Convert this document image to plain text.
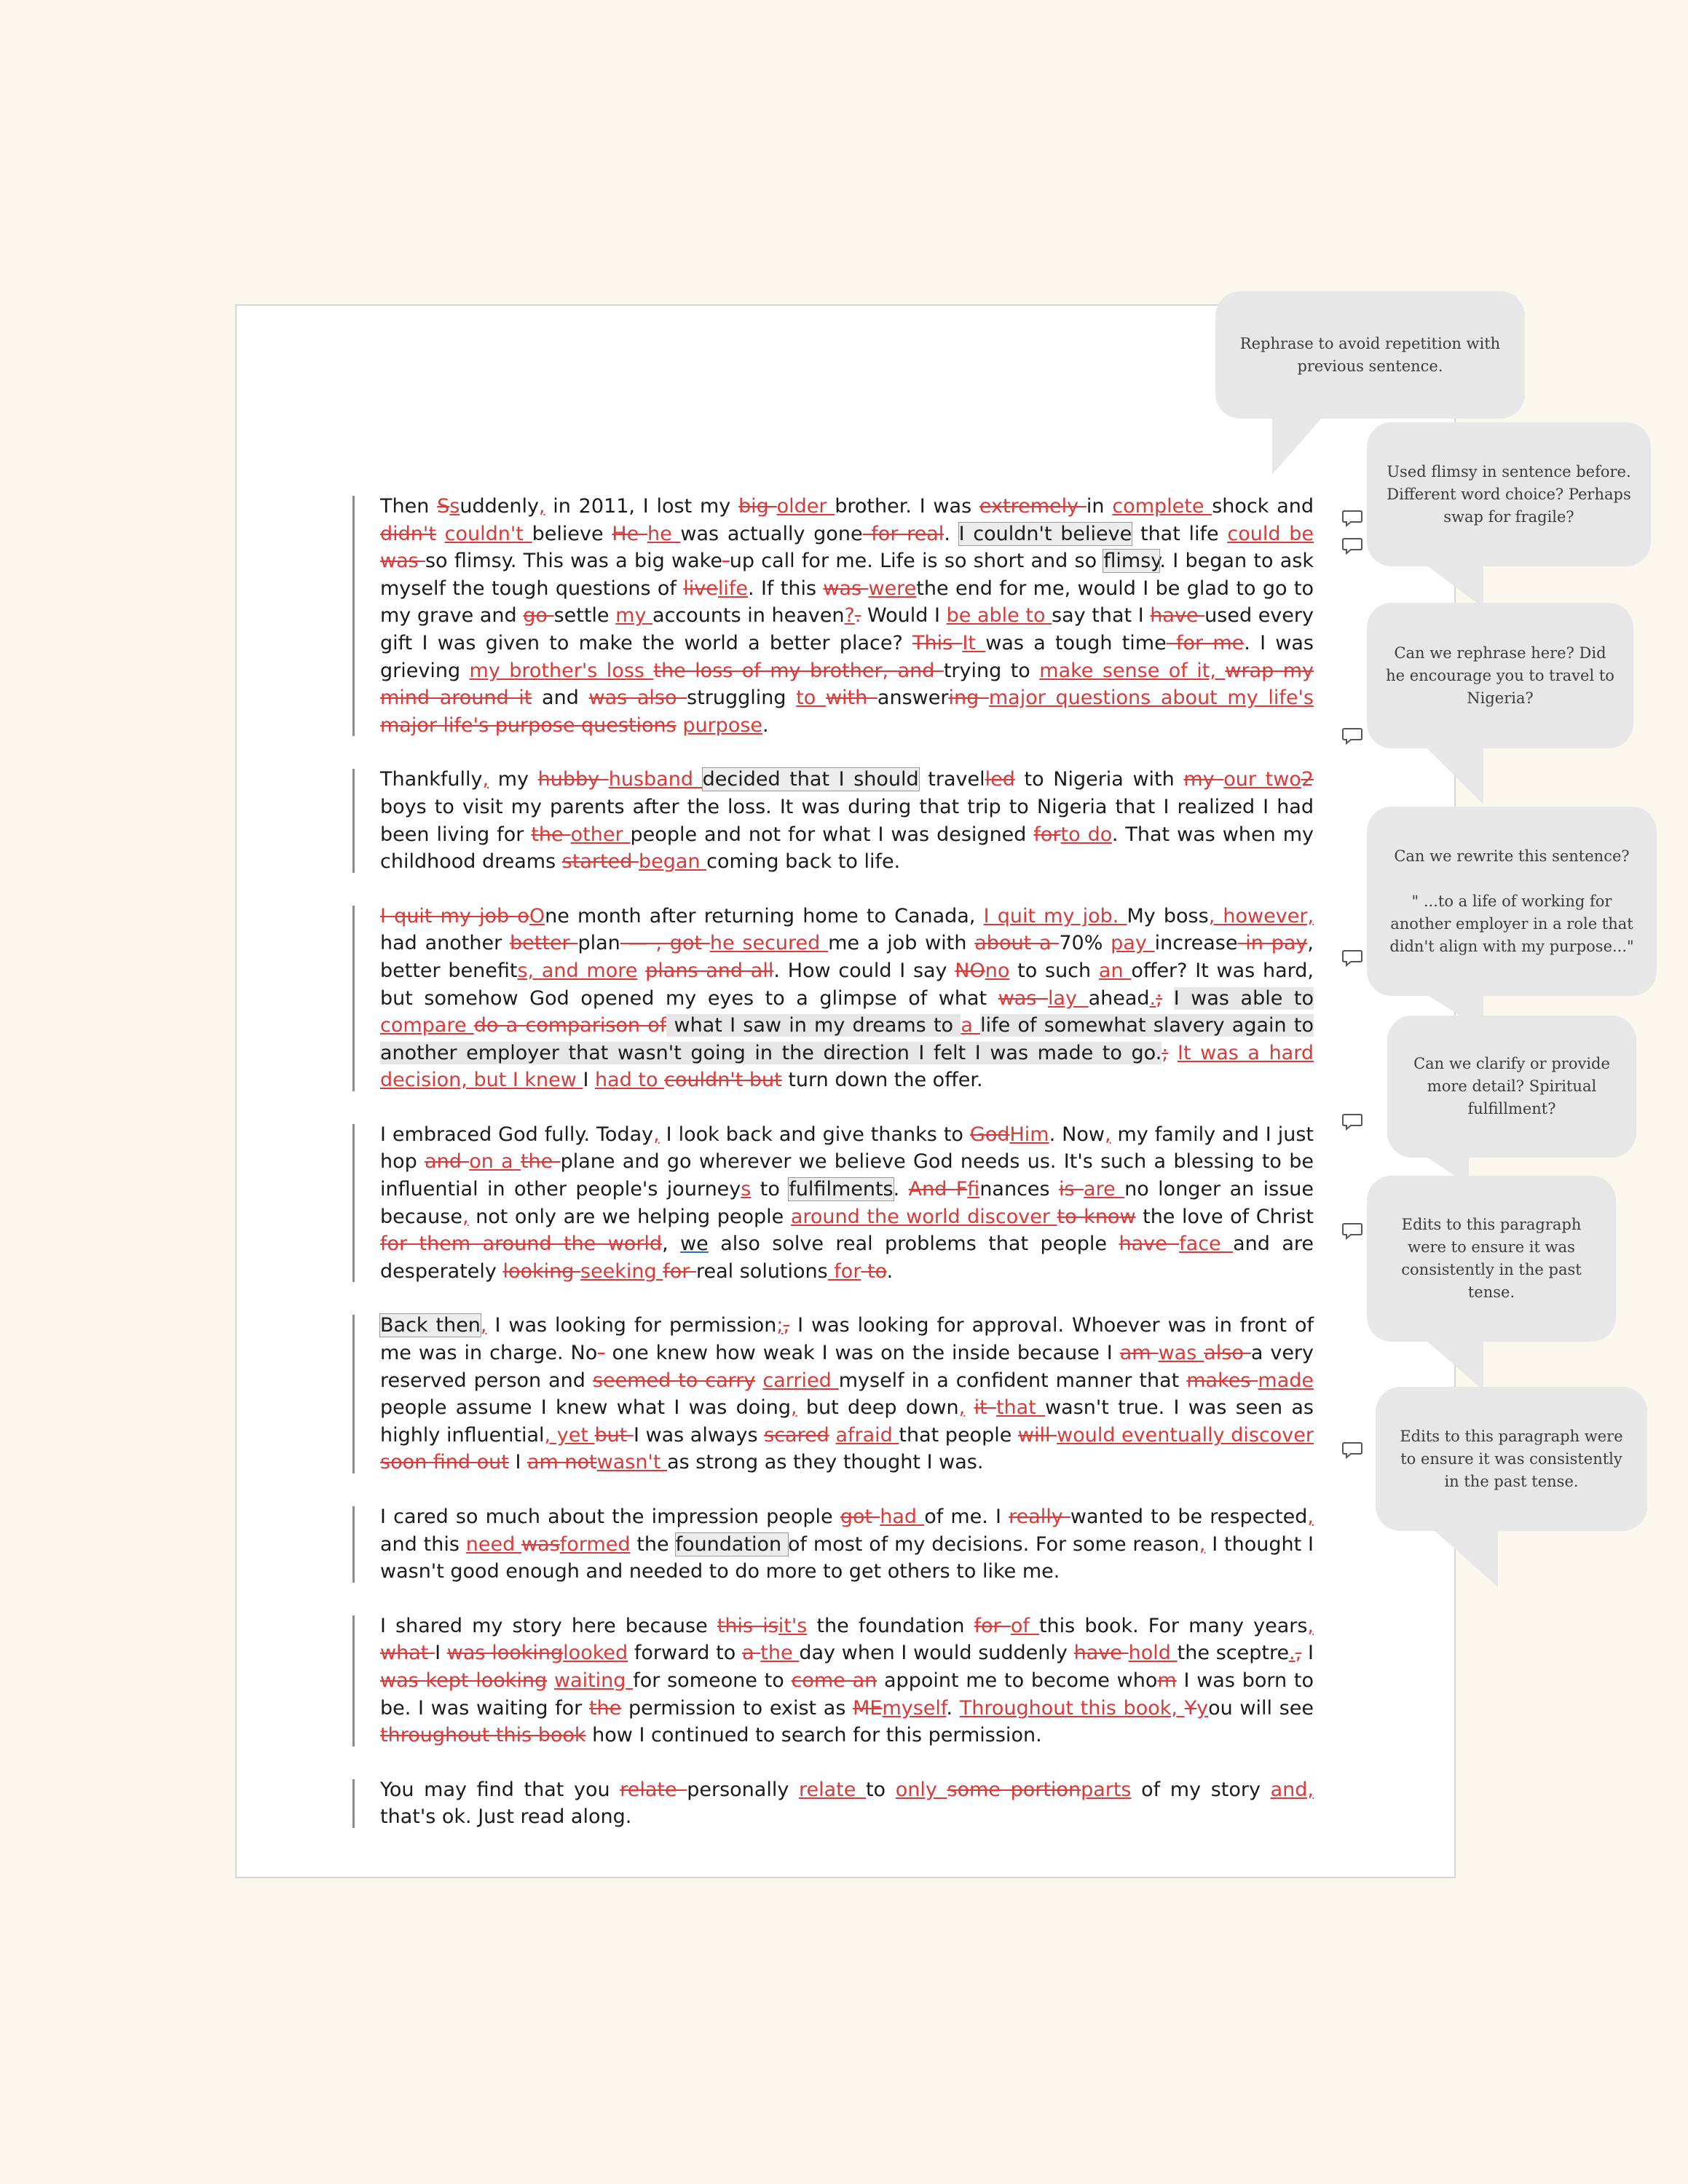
Then Ssuddenly, in 2011, I lost my big older brother. I was extremely in complete shock and didn't couldn't believe He he was actually gone for real. I couldn't believe that life could be was so flimsy. This was a big wake-up call for me. Life is so short and so flimsy. I began to ask myself the tough questions of livelife. If this was werethe end for me, would I be glad to go to my grave and go settle my accounts in heaven?. Would I be able to say that I have used every gift I was given to make the world a better place? This It was a tough time for me. I was grieving my brother's loss the loss of my brother, and trying to make sense of it, wrap my mind around it and was also struggling to with answering major questions about my life's major life's purpose questions purpose.

Thankfully, my hubby husband decided that I should travelled to Nigeria with my our two2 boys to visit my parents after the loss. It was during that trip to Nigeria that I realized I had been living for the other people and not for what I was designed forto do. That was when my childhood dreams started began coming back to life.

I quit my job oOne month after returning home to Canada, I quit my job. My boss, however, had another better plan — , got he secured me a job with about a 70% pay increase in pay, better benefits, and more plans and all. How could I say NOno to such an offer? It was hard, but somehow God opened my eyes to a glimpse of what was lay ahead.; I was able to compare do a comparison of what I saw in my dreams to a life of somewhat slavery again to another employer that wasn't going in the direction I felt I was made to go.; It was a hard decision, but I knew I had to couldn't but turn down the offer.

I embraced God fully. Today, I look back and give thanks to GodHim. Now, my family and I just hop and on a the plane and go wherever we believe God needs us. It's such a blessing to be influential in other people's journeys to fulfilments. And Ffinances is are no longer an issue because, not only are we helping people around the world discover to know the love of Christ for them around the world, we also solve real problems that people have face and are desperately looking seeking for real solutions for to.

Back then, I was looking for permission;, I was looking for approval. Whoever was in front of me was in charge. No- one knew how weak I was on the inside because I am was also a very reserved person and seemed to carry carried myself in a confident manner that makes made people assume I knew what I was doing, but deep down, it that wasn't true. I was seen as highly influential, yet but I was always scared afraid that people will would eventually discover soon find out I am notwasn't as strong as they thought I was.

I cared so much about the impression people got had of me. I really wanted to be respected, and this need wasformed the foundation of most of my decisions. For some reason, I thought I wasn't good enough and needed to do more to get others to like me.

I shared my story here because this isit's the foundation for of this book. For many years, what I was lookinglooked forward to a the day when I would suddenly have hold the sceptre., I was kept looking waiting for someone to come an appoint me to become whom I was born to be. I was waiting for the permission to exist as MEmyself. Throughout this book, Yyou will see throughout this book how I continued to search for this permission.

You may find that you relate personally relate to only some portionparts of my story and, that's ok. Just read along.

Rephrase to avoid repetition with previous sentence.
Used flimsy in sentence before. Different word choice? Perhaps swap for fragile?
Can we rephrase here? Did he encourage you to travel to Nigeria?
Can we rewrite this sentence?

" ...to a life of working for another employer in a role that didn't align with my purpose..."
Can we clarify or provide more detail? Spiritual fulfillment?
Edits to this paragraph were to ensure it was consistently in the past tense.
Edits to this paragraph were to ensure it was consistently in the past tense.
